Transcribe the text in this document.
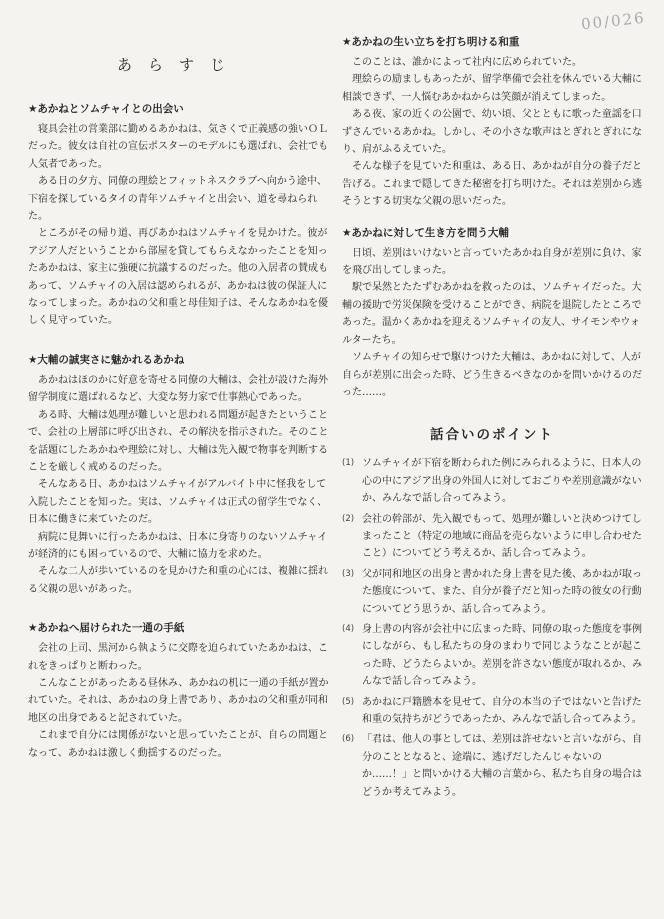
00/026
あらすじ
★あかねとソムチャイとの出会い

寝具会社の営業部に勤めるあかねは、気さくで正義感の強いＯＬだった。彼女は自社の宣伝ポスターのモデルにも選ばれ、会社でも人気者であった。

ある日の夕方、同僚の理絵とフィットネスクラブへ向かう途中、下宿を探しているタイの青年ソムチャイと出会い、道を尋ねられた。

ところがその帰り道、再びあかねはソムチャイを見かけた。彼がアジア人だということから部屋を貸してもらえなかったことを知ったあかねは、家主に強硬に抗議するのだった。他の入居者の賛成もあって、ソムチャイの入居は認められるが、あかねは彼の保証人になってしまった。あかねの父和重と母佳知子は、そんなあかねを優しく見守っていた。

★大輔の誠実さに魅かれるあかね

あかねはほのかに好意を寄せる同僚の大輔は、会社が設けた海外留学制度に選ばれるなど、大変な努力家で仕事熱心であった。

ある時、大輔は処理が難しいと思われる問題が起きたということで、会社の上層部に呼び出され、その解決を指示された。そのことを話題にしたあかねや理絵に対し、大輔は先入観で物事を判断することを厳しく戒めるのだった。

そんなある日、あかねはソムチャイがアルバイト中に怪我をして入院したことを知った。実は、ソムチャイは正式の留学生でなく、日本に働きに来ていたのだ。

病院に見舞いに行ったあかねは、日本に身寄りのないソムチャイが経済的にも困っているので、大輔に協力を求めた。

そんな二人が歩いているのを見かけた和重の心には、複雑に揺れる父親の思いがあった。

★あかねへ届けられた一通の手紙

会社の上司、黒河から執ように交際を迫られていたあかねは、これをきっぱりと断わった。

こんなことがあったある昼休み、あかねの机に一通の手紙が置かれていた。それは、あかねの身上書であり、あかねの父和重が同和地区の出身であると記されていた。

これまで自分には関係がないと思っていたことが、自らの問題となって、あかねは激しく動揺するのだった。

★あかねの生い立ちを打ち明ける和重

このことは、誰かによって社内に広められていた。

理絵らの励ましもあったが、留学準備で会社を休んでいる大輔に相談できず、一人悩むあかねからは笑顔が消えてしまった。

ある夜、家の近くの公園で、幼い頃、父とともに歌った童謡を口ずさんでいるあかね。しかし、その小さな歌声はとぎれとぎれになり、肩がふるえていた。

そんな様子を見ていた和重は、ある日、あかねが自分の養子だと告げる。これまで隠してきた秘密を打ち明けた。それは差別から逃そうとする切実な父親の思いだった。

★あかねに対して生き方を問う大輔

日頃、差別はいけないと言っていたあかね自身が差別に負け、家を飛び出してしまった。

駅で呆然とたたずむあかねを救ったのは、ソムチャイだった。大輔の援助で労災保険を受けることができ、病院を退院したところであった。温かくあかねを迎えるソムチャイの友人、サイモンやウォルターたち。

ソムチャイの知らせで駆けつけた大輔は、あかねに対して、人が自らが差別に出会った時、どう生きるべきなのかを問いかけるのだった……。

話合いのポイント
(1) ソムチャイが下宿を断わられた例にみられるように、日本人の心の中にアジア出身の外国人に対しておごりや差別意識がないか、みんなで話し合ってみよう。
(2) 会社の幹部が、先入観でもって、処理が難しいと決めつけてしまったこと（特定の地域に商品を売らないように申し合わせたこと）についてどう考えるか、話し合ってみよう。
(3) 父が同和地区の出身と書かれた身上書を見た後、あかねが取った態度について、また、自分が養子だと知った時の彼女の行動についてどう思うか、話し合ってみよう。
(4) 身上書の内容が会社中に広まった時、同僚の取った態度を事例にしながら、もし私たちの身のまわりで同じようなことが起こった時、どうたらよいか。差別を許さない態度が取れるか、みんなで話し合ってみよう。
(5) あかねに戸籍謄本を見せて、自分の本当の子ではないと告げた和重の気持ちがどうであったか、みんなで話し合ってみよう。
(6) 「君は、他人の事としては、差別は許せないと言いながら、自分のこととなると、途端に、逃げだしたんじゃないのか……！」と問いかける大輔の言葉から、私たち自身の場合はどうか考えてみよう。
